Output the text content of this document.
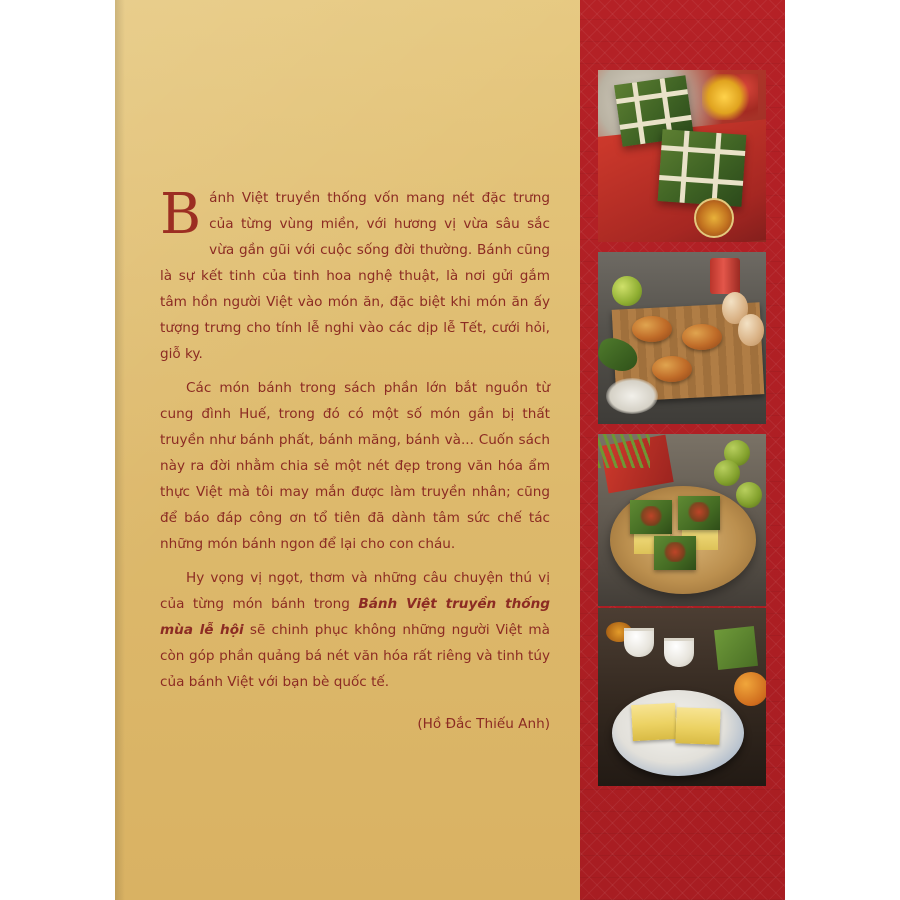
Bánh Việt truyền thống vốn mang nét đặc trưng của từng vùng miền, với hương vị vừa sâu sắc vừa gần gũi với cuộc sống đời thường. Bánh cũng là sự kết tinh của tinh hoa nghệ thuật, là nơi gửi gắm tâm hồn người Việt vào món ăn, đặc biệt khi món ăn ấy tượng trưng cho tính lễ nghi vào các dịp lễ Tết, cưới hỏi, giỗ ky.

Các món bánh trong sách phần lớn bắt nguồn từ cung đình Huế, trong đó có một số món gần bị thất truyền như bánh phất, bánh măng, bánh và... Cuốn sách này ra đời nhằm chia sẻ một nét đẹp trong văn hóa ẩm thực Việt mà tôi may mắn được làm truyền nhân; cũng để báo đáp công ơn tổ tiên đã dành tâm sức chế tác những món bánh ngon để lại cho con cháu.

Hy vọng vị ngọt, thơm và những câu chuyện thú vị của từng món bánh trong Bánh Việt truyền thống mùa lễ hội sẽ chinh phục không những người Việt mà còn góp phần quảng bá nét văn hóa rất riêng và tinh túy của bánh Việt với bạn bè quốc tế.

(Hồ Đắc Thiếu Anh)
